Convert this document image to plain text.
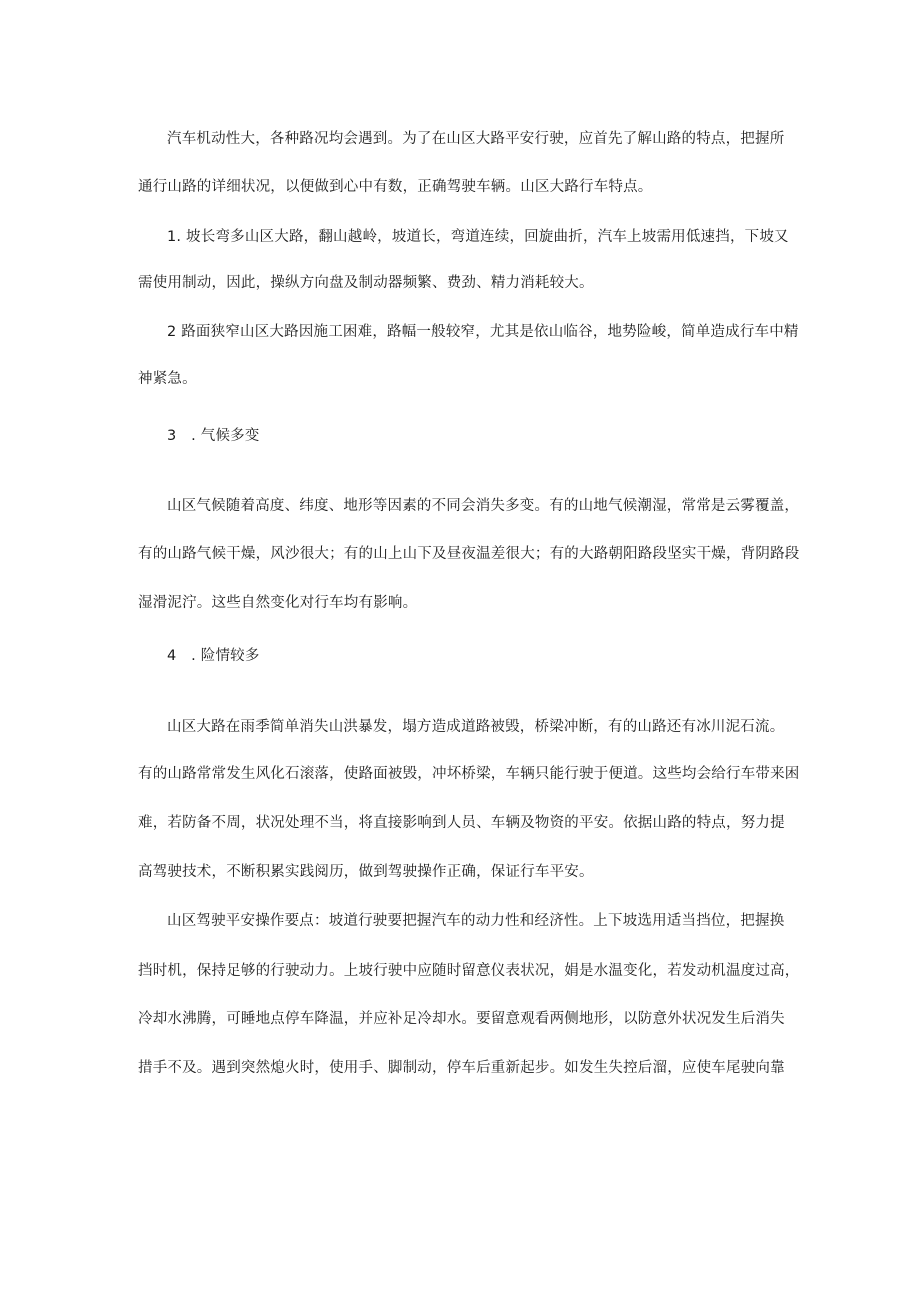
汽车机动性大，各种路况均会遇到。为了在山区大路平安行驶，应首先了解山路的特点，把握所
通行山路的详细状况，以便做到心中有数，正确驾驶车辆。山区大路行车特点。
1. 坡长弯多山区大路，翻山越岭，坡道长，弯道连续，回旋曲折，汽车上坡需用低速挡，下坡又
需使用制动，因此，操纵方向盘及制动器频繁、费劲、精力消耗较大。
2 路面狭窄山区大路因施工困难，路幅一般较窄，尤其是依山临谷，地势险峻，简单造成行车中精
神紧急。
3　. 气候多变
山区气候随着高度、纬度、地形等因素的不同会消失多变。有的山地气候潮湿，常常是云雾覆盖，
有的山路气候干燥，风沙很大；有的山上山下及昼夜温差很大；有的大路朝阳路段坚实干燥，背阴路段
湿滑泥泞。这些自然变化对行车均有影响。
4　. 险情较多
山区大路在雨季简单消失山洪暴发，塌方造成道路被毁，桥梁冲断，有的山路还有冰川泥石流。
有的山路常常发生风化石滚落，使路面被毁，冲坏桥梁，车辆只能行驶于便道。这些均会给行车带来困
难，若防备不周，状况处理不当，将直接影响到人员、车辆及物资的平安。依据山路的特点，努力提
高驾驶技术，不断积累实践阅历，做到驾驶操作正确，保证行车平安。
山区驾驶平安操作要点：坡道行驶要把握汽车的动力性和经济性。上下坡选用适当挡位，把握换
挡时机，保持足够的行驶动力。上坡行驶中应随时留意仪表状况，娟是水温变化，若发动机温度过高，
冷却水沸腾，可睡地点停车降温，并应补足冷却水。要留意观看两侧地形，以防意外状况发生后消失
措手不及。遇到突然熄火时，使用手、脚制动，停车后重新起步。如发生失控后溜，应使车尾驶向靠
